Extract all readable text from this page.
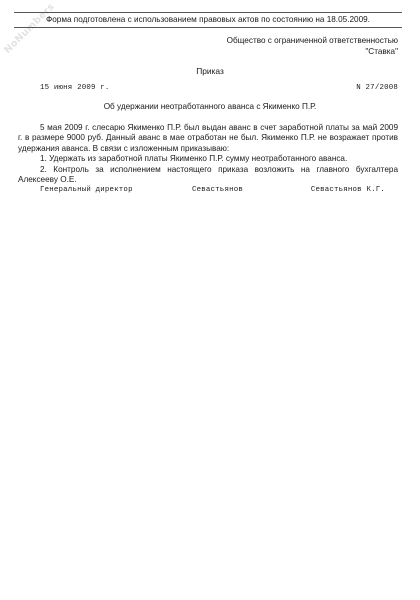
NoNumbers
Форма подготовлена с использованием правовых актов по состоянию на 18.05.2009.
Общество с ограниченной ответственностью
"Ставка"
Приказ
15 июня 2009 г.	N 27/2008
Об удержании неотработанного аванса с Якименко П.Р.

5 мая 2009 г. слесарю Якименко П.Р. был выдан аванс в счет заработной платы за май 2009 г. в размере 9000 руб. Данный аванс в мае отработан не был. Якименко П.Р. не возражает против удержания аванса. В связи с изложенным приказываю:

1. Удержать из заработной платы Якименко П.Р. сумму неотработанного аванса.

2. Контроль за исполнением настоящего приказа возложить на главного бухгалтера Алексееву О.Е.

Генеральный директор	Севастьянов	Севастьянов К.Г.
